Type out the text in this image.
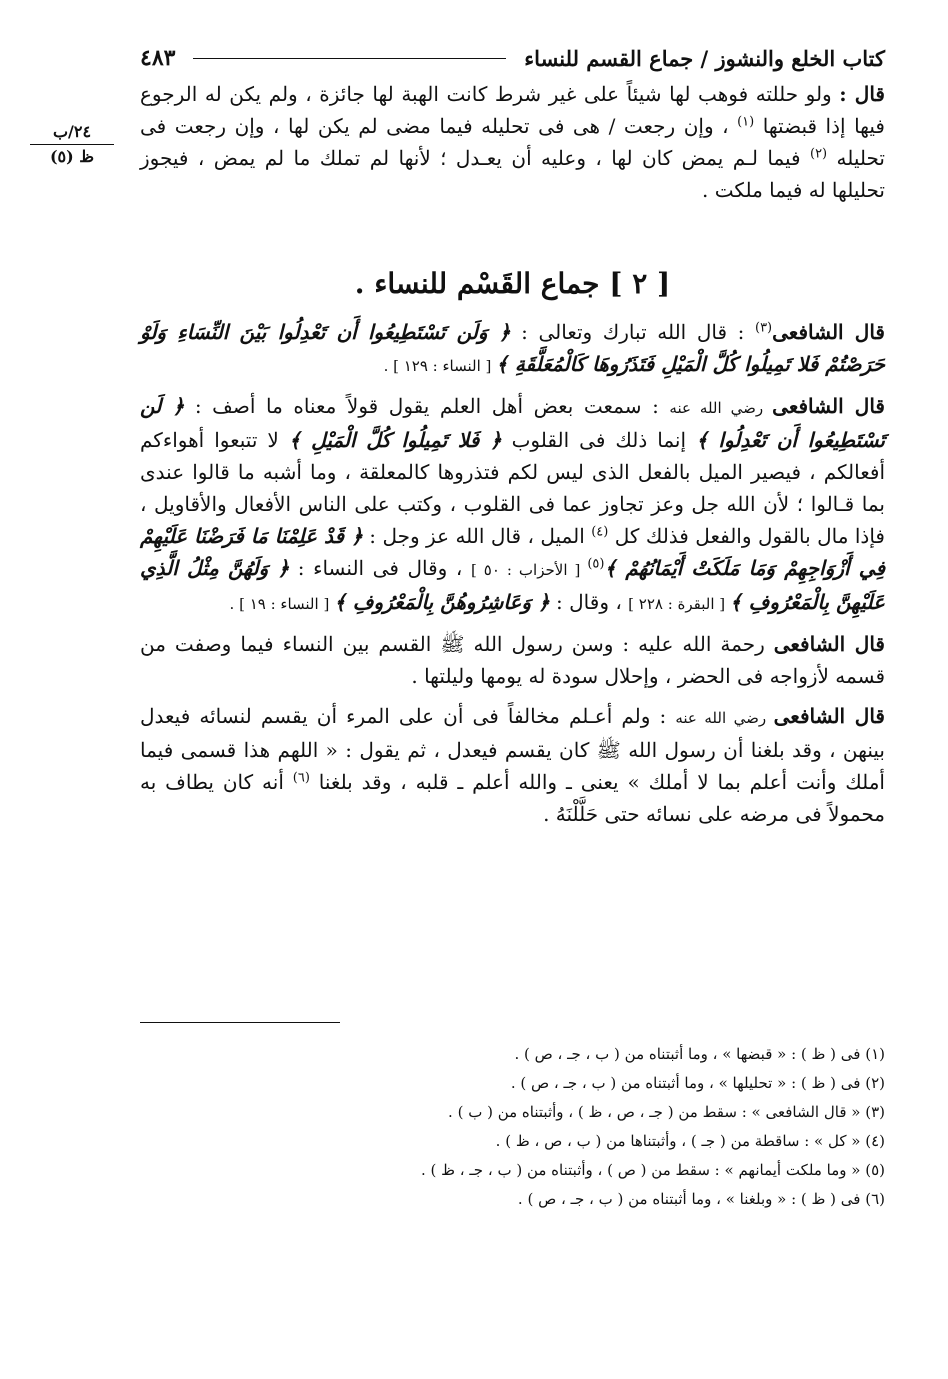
٢٤/ب
ظ (٥)
كتاب الخلع والنشوز / جماع القسم للنساء
٤٨٣

قال : ولو حللته فوهب لها شيئاً على غير شرط كانت الهبة لها جائزة ، ولم يكن له الرجوع فيها إذا قبضتها $^{(١)}$ ، وإن رجعت / هى فى تحليله فيما مضى لم يكن لها ، وإن رجعت فى تحليله $^{(٢)}$ فيما لـم يمض كان لها ، وعليه أن يعـدل ؛ لأنها لم تملك ما لم يمض ، فيجوز تحليلها له فيما ملكت .

[ ٢ ] جماع القَسْم للنساء .

قال الشافعى$^{(٣)}$ : قال الله تبارك وتعالى : ﴿ وَلَن تَسْتَطِيعُوا أَن تَعْدِلُوا بَيْنَ النِّسَاءِ وَلَوْ حَرَصْتُمْ فَلا تَمِيلُوا كُلَّ الْمَيْلِ فَتَذَرُوهَا كَالْمُعَلَّقَةِ ﴾ [ النساء : ١٢٩ ] .

قال الشافعى رضي الله عنه : سمعت بعض أهل العلم يقول قولاً معناه ما أصف : ﴿ لَن تَسْتَطِيعُوا أَن تَعْدِلُوا ﴾ إنما ذلك فى القلوب ﴿ فَلا تَمِيلُوا كُلَّ الْمَيْلِ ﴾ لا تتبعوا أهواءكم أفعالكم ، فيصير الميل بالفعل الذى ليس لكم فتذروها كالمعلقة ، وما أشبه ما قالوا عندى بما قـالوا ؛ لأن الله جل وعز تجاوز عما فى القلوب ، وكتب على الناس الأفعال والأقاويل ، فإذا مال بالقول والفعل فذلك كل $^{(٤)}$ الميل ، قال الله عز وجل : ﴿ قَدْ عَلِمْنَا مَا فَرَضْنَا عَلَيْهِمْ فِي أَزْوَاجِهِمْ وَمَا مَلَكَتْ أَيْمَانُهُمْ ﴾$^{(٥)}$ [ الأحزاب : ٥٠ ] ، وقال فى النساء : ﴿ وَلَهُنَّ مِثْلُ الَّذِي عَلَيْهِنَّ بِالْمَعْرُوفِ ﴾ [ البقرة : ٢٢٨ ] ، وقال : ﴿ وَعَاشِرُوهُنَّ بِالْمَعْرُوفِ ﴾ [ النساء : ١٩ ] .

قال الشافعى رحمة الله عليه : وسن رسول الله ﷺ القسم بين النساء فيما وصفت من قسمه لأزواجه فى الحضر ، وإحلال سودة له يومها وليلتها .

قال الشافعى رضي الله عنه : ولم أعـلم مخالفاً فى أن على المرء أن يقسم لنسائه فيعدل بينهن ، وقد بلغنا أن رسول الله ﷺ كان يقسم فيعدل ، ثم يقول : « اللهم هذا قسمى فيما أملك وأنت أعلم بما لا أملك » يعنى ـ والله أعلم ـ قلبه ، وقد بلغنا $^{(٦)}$ أنه كان يطاف به محمولاً فى مرضه على نسائه حتى حَلَّلْنَهُ .

(١) فى ( ظ ) : « قبضها » ، وما أثبتناه من ( ب ، جـ ، ص ) .
(٢) فى ( ظ ) : « تحليلها » ، وما أثبتناه من ( ب ، جـ ، ص ) .
(٣) « قال الشافعى » : سقط من ( جـ ، ص ، ظ ) ، وأثبتناه من ( ب ) .
(٤) « كل » : ساقطة من ( جـ ) ، وأثبتناها من ( ب ، ص ، ظ ) .
(٥) « وما ملكت أيمانهم » : سقط من ( ص ) ، وأثبتناه من ( ب ، جـ ، ظ ) .
(٦) فى ( ظ ) : « وبلغنا » ، وما أثبتناه من ( ب ، جـ ، ص ) .
